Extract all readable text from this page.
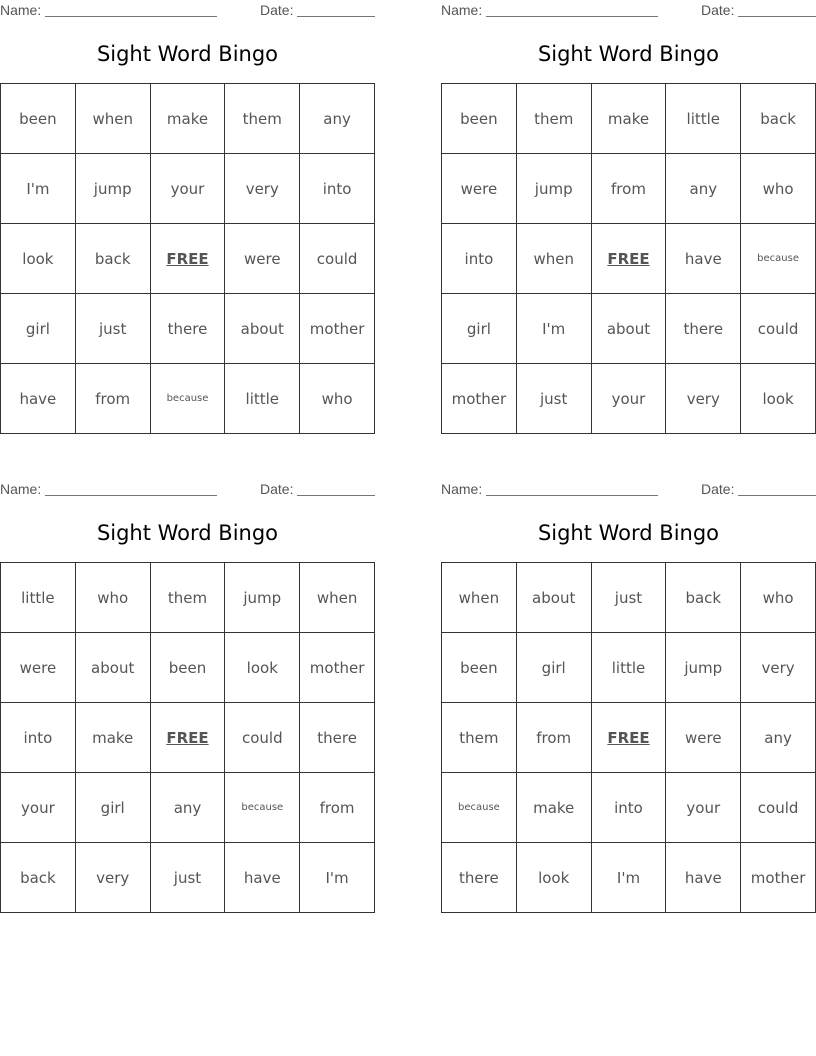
Name:	Date:
Sight Word Bingo
been	when	make	them	any
I'm	jump	your	very	into
look	back	FREE	were	could
girl	just	there	about	mother
have	from	because	little	who
Name:	Date:
Sight Word Bingo
been	them	make	little	back
were	jump	from	any	who
into	when	FREE	have	because
girl	I'm	about	there	could
mother	just	your	very	look
Name:	Date:
Sight Word Bingo
little	who	them	jump	when
were	about	been	look	mother
into	make	FREE	could	there
your	girl	any	because	from
back	very	just	have	I'm
Name:	Date:
Sight Word Bingo
when	about	just	back	who
been	girl	little	jump	very
them	from	FREE	were	any
because	make	into	your	could
there	look	I'm	have	mother
